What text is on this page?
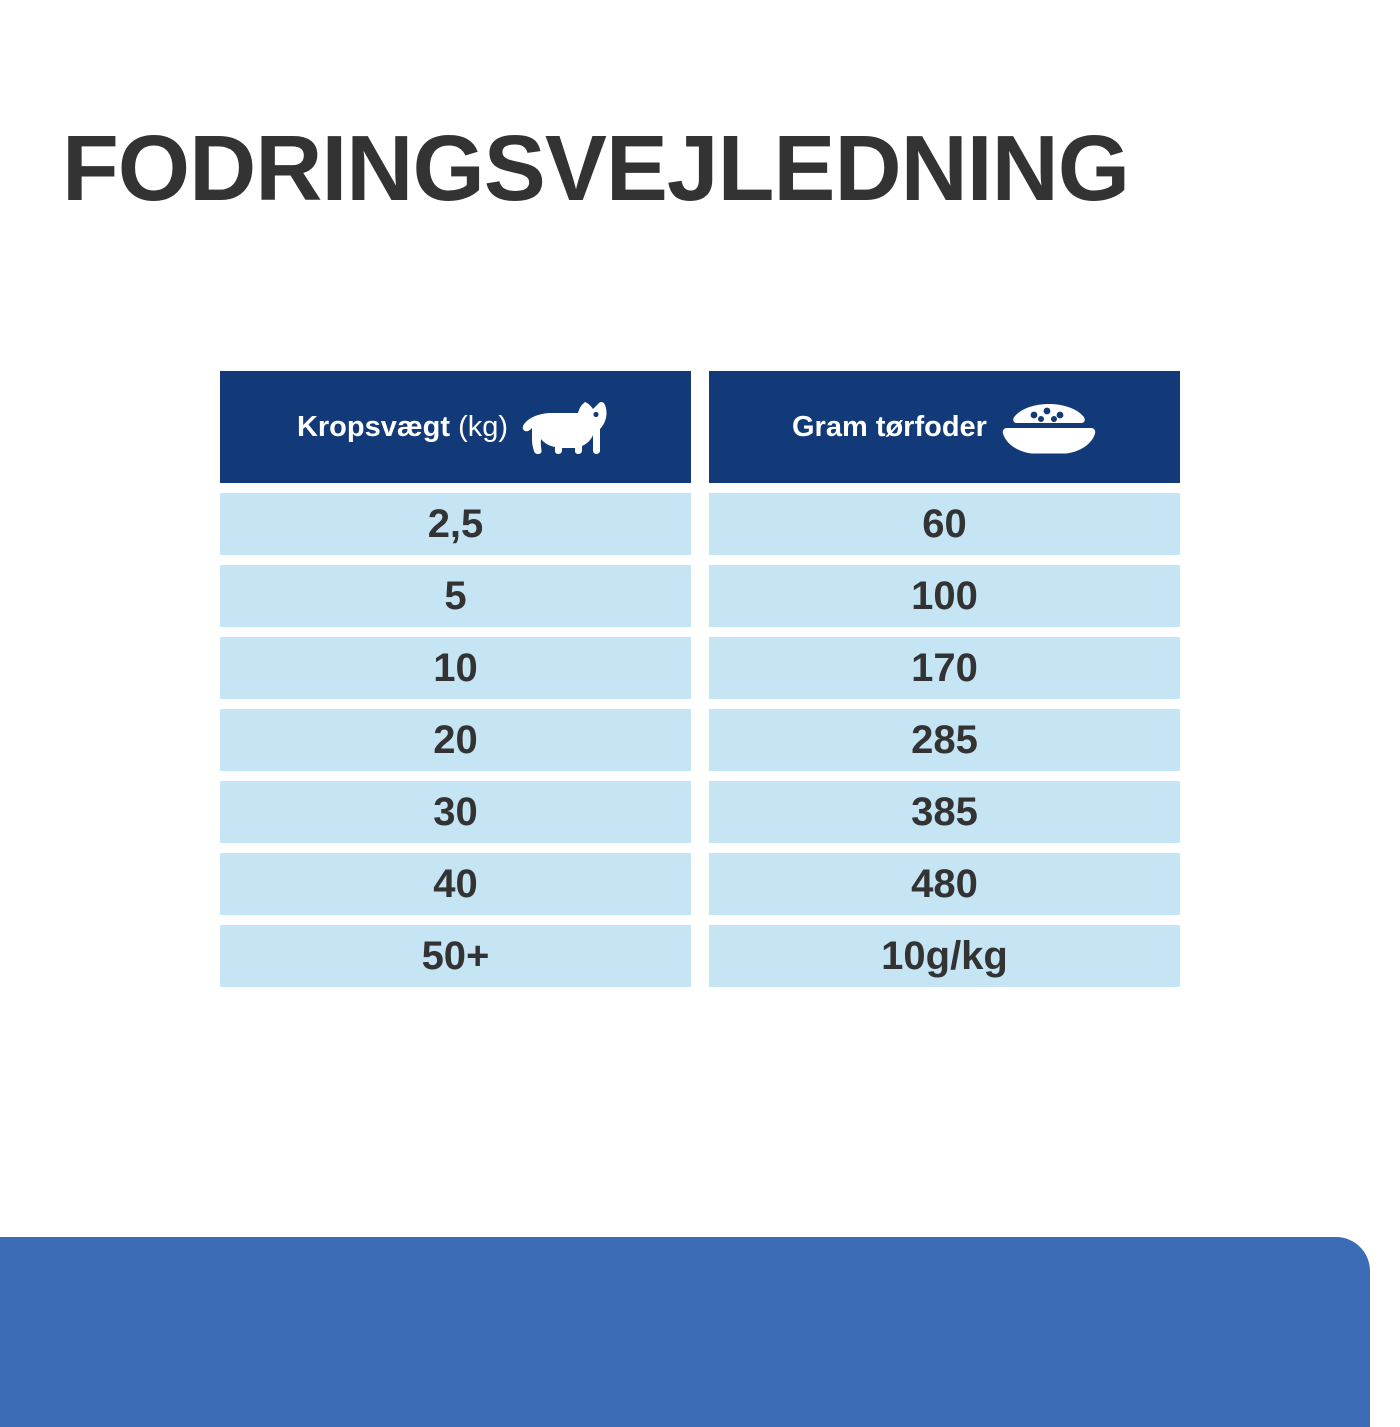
FODRINGSVEJLEDNING
Kropsvægt (kg)	Gram tørfoder
2,5	60
5	100
10	170
20	285
30	385
40	480
50+	10g/kg
